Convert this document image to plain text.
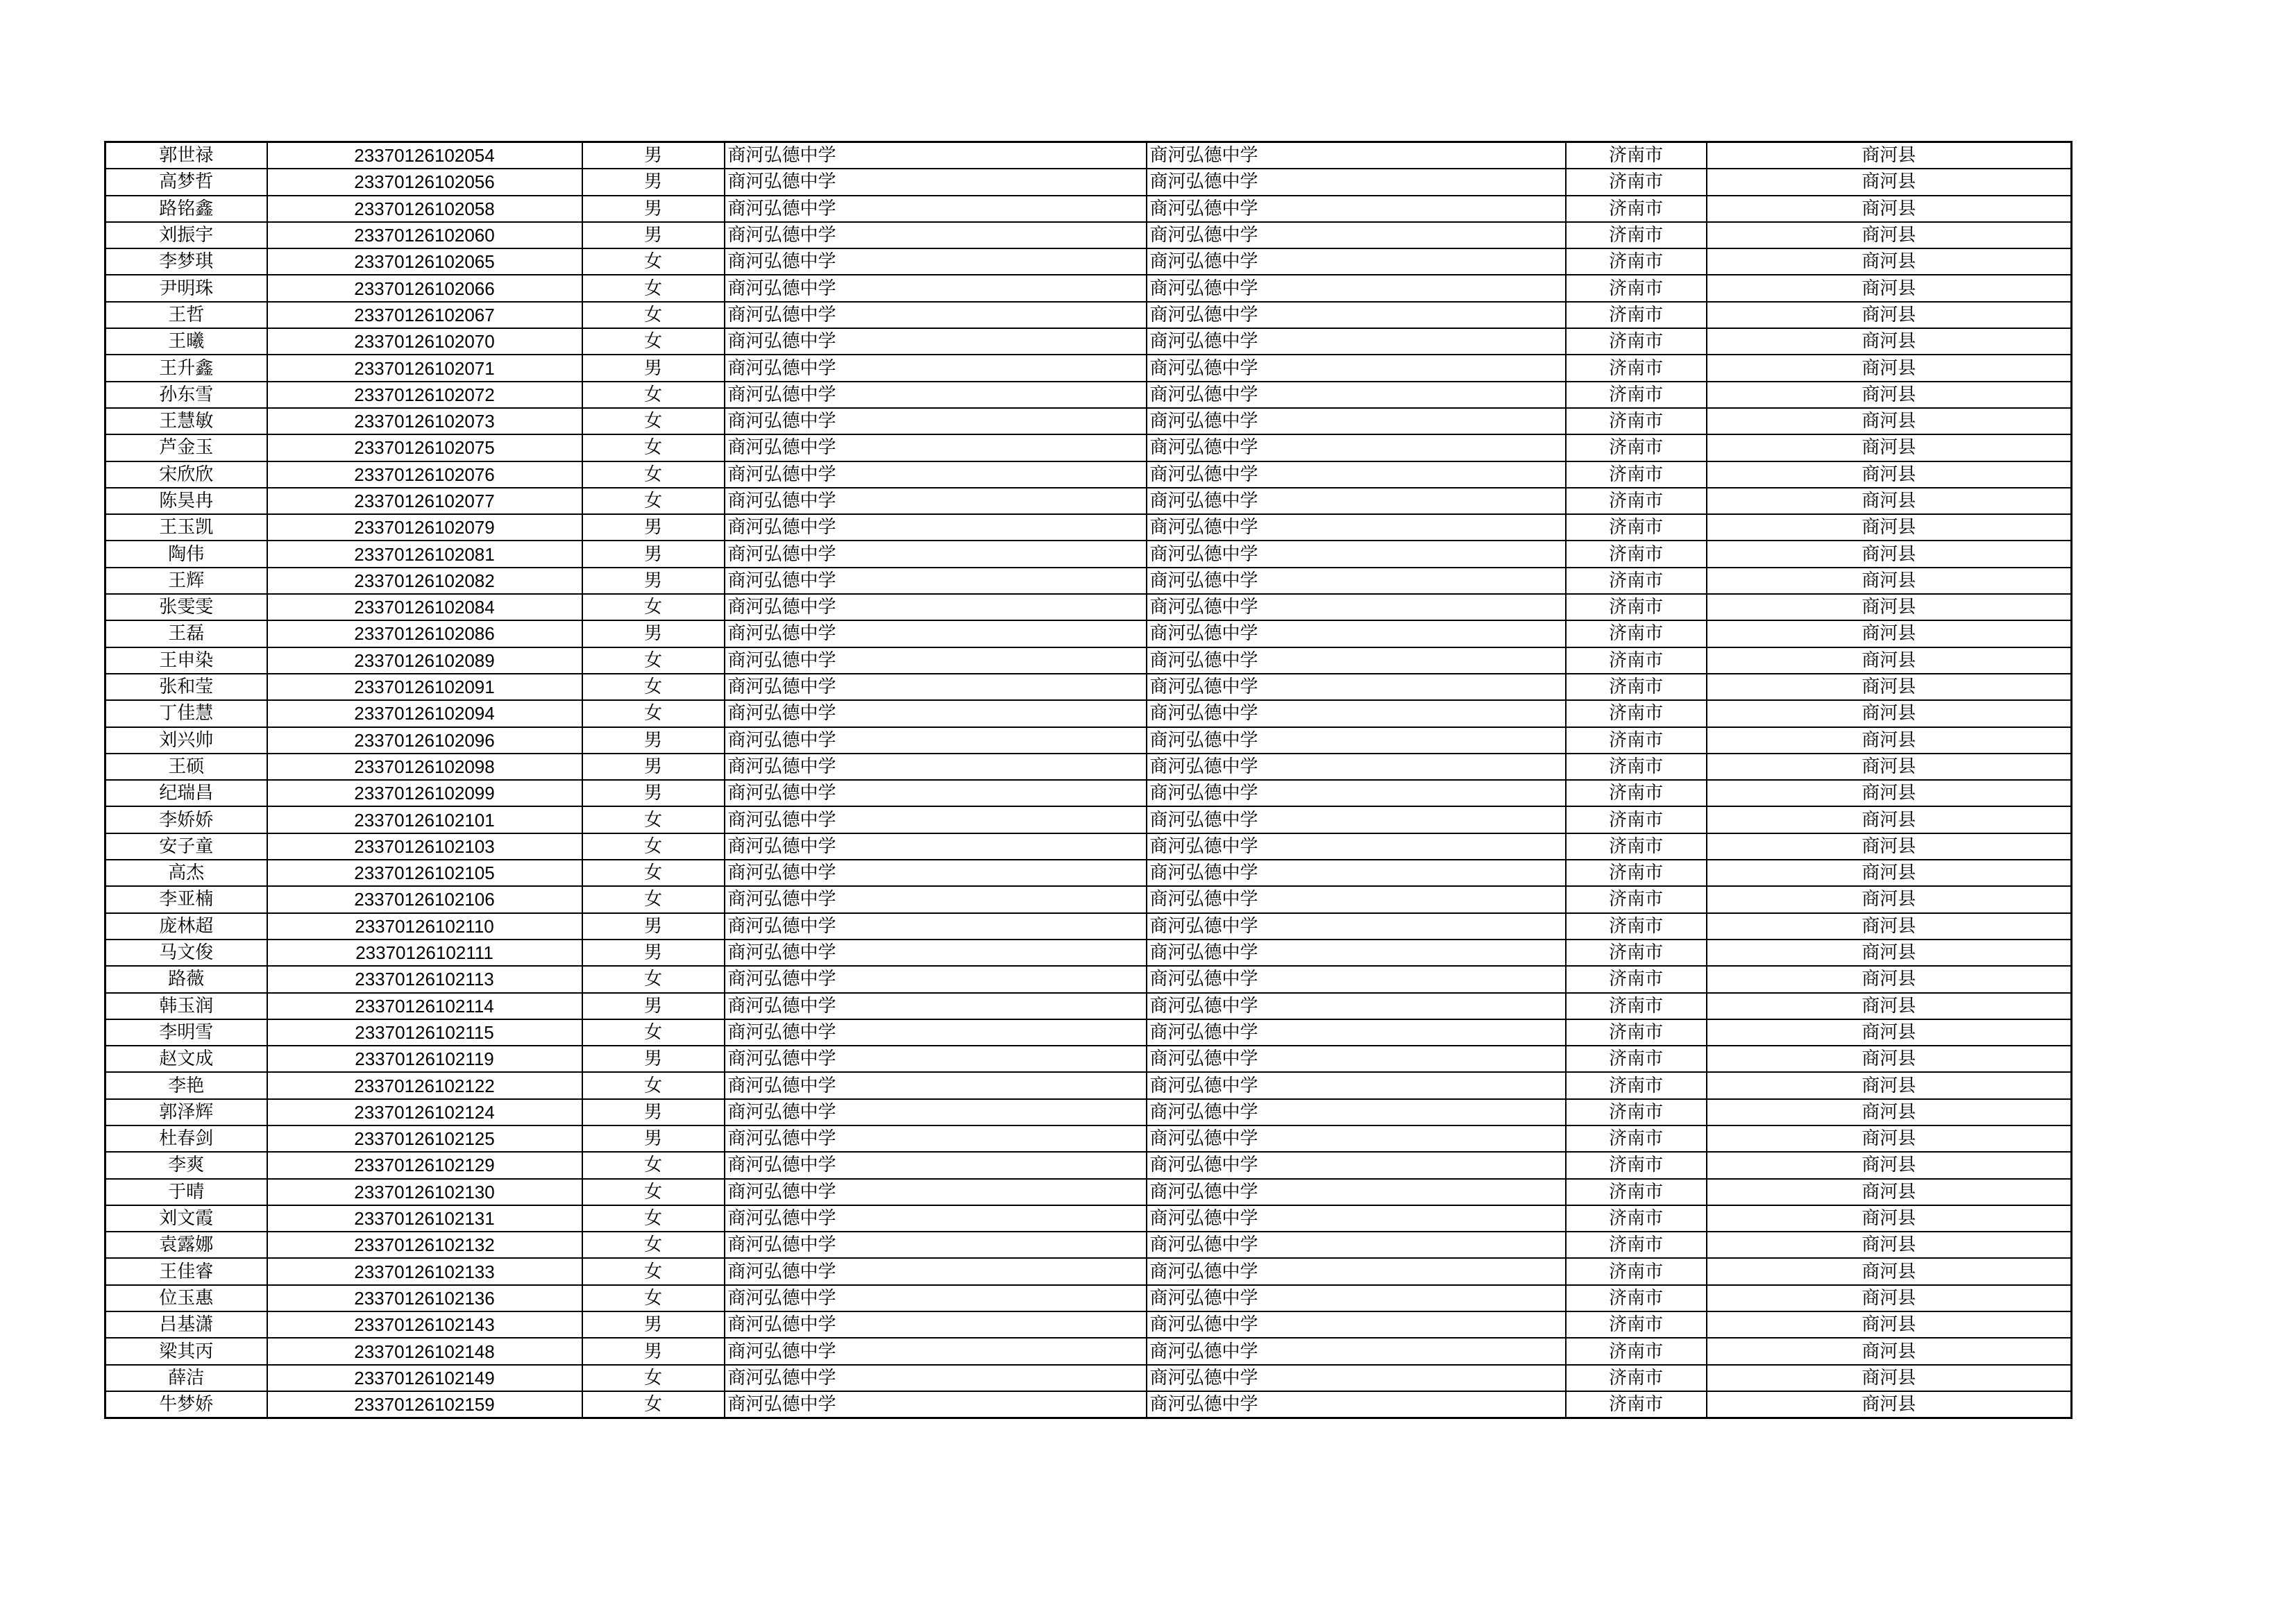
郭世禄	23370126102054	男	商河弘德中学	商河弘德中学	济南市	商河县
高梦哲	23370126102056	男	商河弘德中学	商河弘德中学	济南市	商河县
路铭鑫	23370126102058	男	商河弘德中学	商河弘德中学	济南市	商河县
刘振宇	23370126102060	男	商河弘德中学	商河弘德中学	济南市	商河县
李梦琪	23370126102065	女	商河弘德中学	商河弘德中学	济南市	商河县
尹明珠	23370126102066	女	商河弘德中学	商河弘德中学	济南市	商河县
王哲	23370126102067	女	商河弘德中学	商河弘德中学	济南市	商河县
王曦	23370126102070	女	商河弘德中学	商河弘德中学	济南市	商河县
王升鑫	23370126102071	男	商河弘德中学	商河弘德中学	济南市	商河县
孙东雪	23370126102072	女	商河弘德中学	商河弘德中学	济南市	商河县
王慧敏	23370126102073	女	商河弘德中学	商河弘德中学	济南市	商河县
芦金玉	23370126102075	女	商河弘德中学	商河弘德中学	济南市	商河县
宋欣欣	23370126102076	女	商河弘德中学	商河弘德中学	济南市	商河县
陈昊冉	23370126102077	女	商河弘德中学	商河弘德中学	济南市	商河县
王玉凯	23370126102079	男	商河弘德中学	商河弘德中学	济南市	商河县
陶伟	23370126102081	男	商河弘德中学	商河弘德中学	济南市	商河县
王辉	23370126102082	男	商河弘德中学	商河弘德中学	济南市	商河县
张雯雯	23370126102084	女	商河弘德中学	商河弘德中学	济南市	商河县
王磊	23370126102086	男	商河弘德中学	商河弘德中学	济南市	商河县
王申染	23370126102089	女	商河弘德中学	商河弘德中学	济南市	商河县
张和莹	23370126102091	女	商河弘德中学	商河弘德中学	济南市	商河县
丁佳慧	23370126102094	女	商河弘德中学	商河弘德中学	济南市	商河县
刘兴帅	23370126102096	男	商河弘德中学	商河弘德中学	济南市	商河县
王硕	23370126102098	男	商河弘德中学	商河弘德中学	济南市	商河县
纪瑞昌	23370126102099	男	商河弘德中学	商河弘德中学	济南市	商河县
李娇娇	23370126102101	女	商河弘德中学	商河弘德中学	济南市	商河县
安子童	23370126102103	女	商河弘德中学	商河弘德中学	济南市	商河县
高杰	23370126102105	女	商河弘德中学	商河弘德中学	济南市	商河县
李亚楠	23370126102106	女	商河弘德中学	商河弘德中学	济南市	商河县
庞林超	23370126102110	男	商河弘德中学	商河弘德中学	济南市	商河县
马文俊	23370126102111	男	商河弘德中学	商河弘德中学	济南市	商河县
路薇	23370126102113	女	商河弘德中学	商河弘德中学	济南市	商河县
韩玉润	23370126102114	男	商河弘德中学	商河弘德中学	济南市	商河县
李明雪	23370126102115	女	商河弘德中学	商河弘德中学	济南市	商河县
赵文成	23370126102119	男	商河弘德中学	商河弘德中学	济南市	商河县
李艳	23370126102122	女	商河弘德中学	商河弘德中学	济南市	商河县
郭泽辉	23370126102124	男	商河弘德中学	商河弘德中学	济南市	商河县
杜春剑	23370126102125	男	商河弘德中学	商河弘德中学	济南市	商河县
李爽	23370126102129	女	商河弘德中学	商河弘德中学	济南市	商河县
于晴	23370126102130	女	商河弘德中学	商河弘德中学	济南市	商河县
刘文霞	23370126102131	女	商河弘德中学	商河弘德中学	济南市	商河县
袁露娜	23370126102132	女	商河弘德中学	商河弘德中学	济南市	商河县
王佳睿	23370126102133	女	商河弘德中学	商河弘德中学	济南市	商河县
位玉惠	23370126102136	女	商河弘德中学	商河弘德中学	济南市	商河县
吕基潇	23370126102143	男	商河弘德中学	商河弘德中学	济南市	商河县
梁其丙	23370126102148	男	商河弘德中学	商河弘德中学	济南市	商河县
薛洁	23370126102149	女	商河弘德中学	商河弘德中学	济南市	商河县
牛梦娇	23370126102159	女	商河弘德中学	商河弘德中学	济南市	商河县
